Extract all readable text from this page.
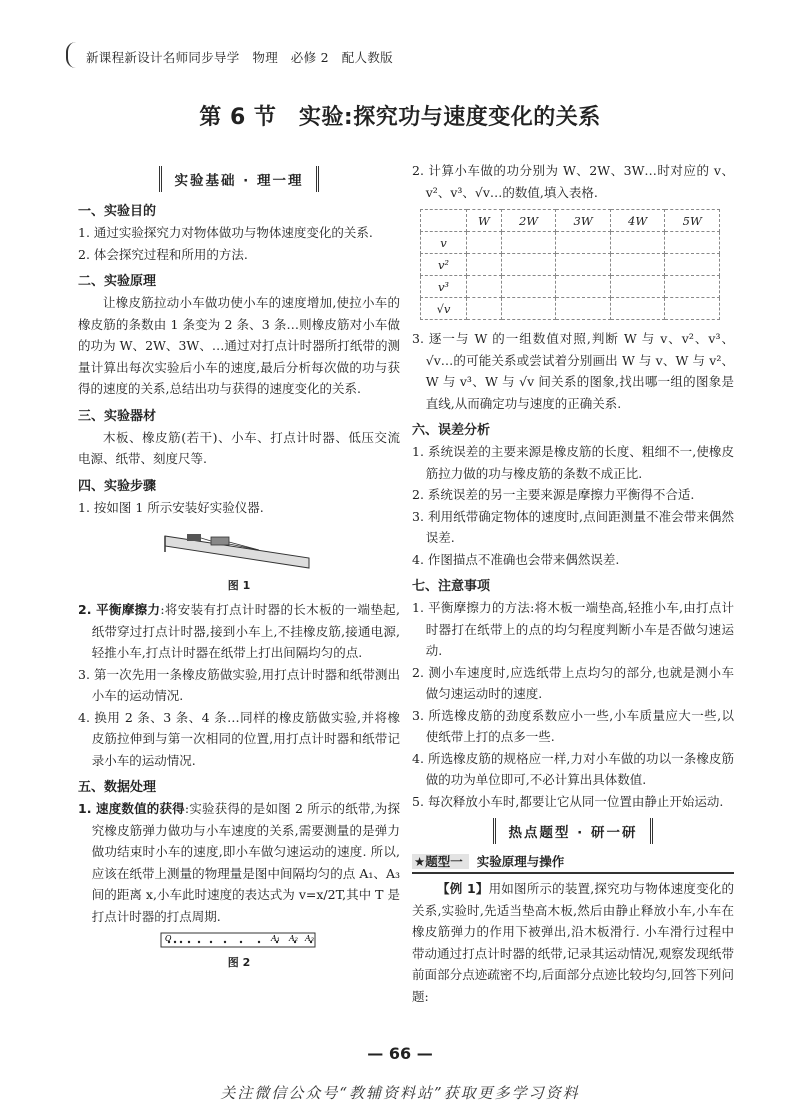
新课程新设计名师同步导学　物理　必修 2　配人教版
第 6 节　实验:探究功与速度变化的关系
实验基础 · 理一理
一、实验目的

1. 通过实验探究力对物体做功与物体速度变化的关系.

2. 体会探究过程和所用的方法.

二、实验原理

让橡皮筋拉动小车做功使小车的速度增加,使拉小车的橡皮筋的条数由 1 条变为 2 条、3 条…则橡皮筋对小车做的功为 W、2W、3W、…通过对打点计时器所打纸带的测量计算出每次实验后小车的速度,最后分析每次做的功与获得的速度的关系,总结出功与获得的速度变化的关系.

三、实验器材

木板、橡皮筋(若干)、小车、打点计时器、低压交流电源、纸带、刻度尺等.

四、实验步骤

1. 按如图 1 所示安装好实验仪器.

图 1

2. 平衡摩擦力:将安装有打点计时器的长木板的一端垫起,纸带穿过打点计时器,接到小车上,不挂橡皮筋,接通电源,轻推小车,打点计时器在纸带上打出间隔均匀的点.

3. 第一次先用一条橡皮筋做实验,用打点计时器和纸带测出小车的运动情况.

4. 换用 2 条、3 条、4 条…同样的橡皮筋做实验,并将橡皮筋拉伸到与第一次相同的位置,用打点计时器和纸带记录小车的运动情况.

五、数据处理

1. 速度数值的获得:实验获得的是如图 2 所示的纸带,为探究橡皮筋弹力做功与小车速度的关系,需要测量的是弹力做功结束时小车的速度,即小车做匀速运动的速度. 所以,应该在纸带上测量的物理量是图中间隔均匀的点 A₁、A₃ 间的距离 x,小车此时速度的表达式为 v=x/2T,其中 T 是打点计时器的打点周期.

O	A₁ A₂ A₃
图 2

2. 计算小车做的功分别为 W、2W、3W…时对应的 v、v²、v³、√v…的数值,填入表格.

	W	2W	3W	4W	5W
v					
v²					
v³					
√v					

3. 逐一与 W 的一组数值对照,判断 W 与 v、v²、v³、√v…的可能关系或尝试着分别画出 W 与 v、W 与 v²、W 与 v³、W 与 √v 间关系的图象,找出哪一组的图象是直线,从而确定功与速度的正确关系.

六、误差分析

1. 系统误差的主要来源是橡皮筋的长度、粗细不一,使橡皮筋拉力做的功与橡皮筋的条数不成正比.

2. 系统误差的另一主要来源是摩擦力平衡得不合适.

3. 利用纸带确定物体的速度时,点间距测量不准会带来偶然误差.

4. 作图描点不准确也会带来偶然误差.

七、注意事项

1. 平衡摩擦力的方法:将木板一端垫高,轻推小车,由打点计时器打在纸带上的点的均匀程度判断小车是否做匀速运动.

2. 测小车速度时,应选纸带上点均匀的部分,也就是测小车做匀速运动时的速度.

3. 所选橡皮筋的劲度系数应小一些,小车质量应大一些,以使纸带上打的点多一些.

4. 所选橡皮筋的规格应一样,力对小车做的功以一条橡皮筋做的功为单位即可,不必计算出具体数值.

5. 每次释放小车时,都要让它从同一位置由静止开始运动.

热点题型 · 研一研
★题型一 实验原理与操作

【例 1】用如图所示的装置,探究功与物体速度变化的关系,实验时,先适当垫高木板,然后由静止释放小车,小车在橡皮筋弹力的作用下被弹出,沿木板滑行. 小车滑行过程中带动通过打点计时器的纸带,记录其运动情况,观察发现纸带前面部分点迹疏密不均,后面部分点迹比较均匀,回答下列问题:

— 66 —
关注微信公众号“教辅资料站”获取更多学习资料
